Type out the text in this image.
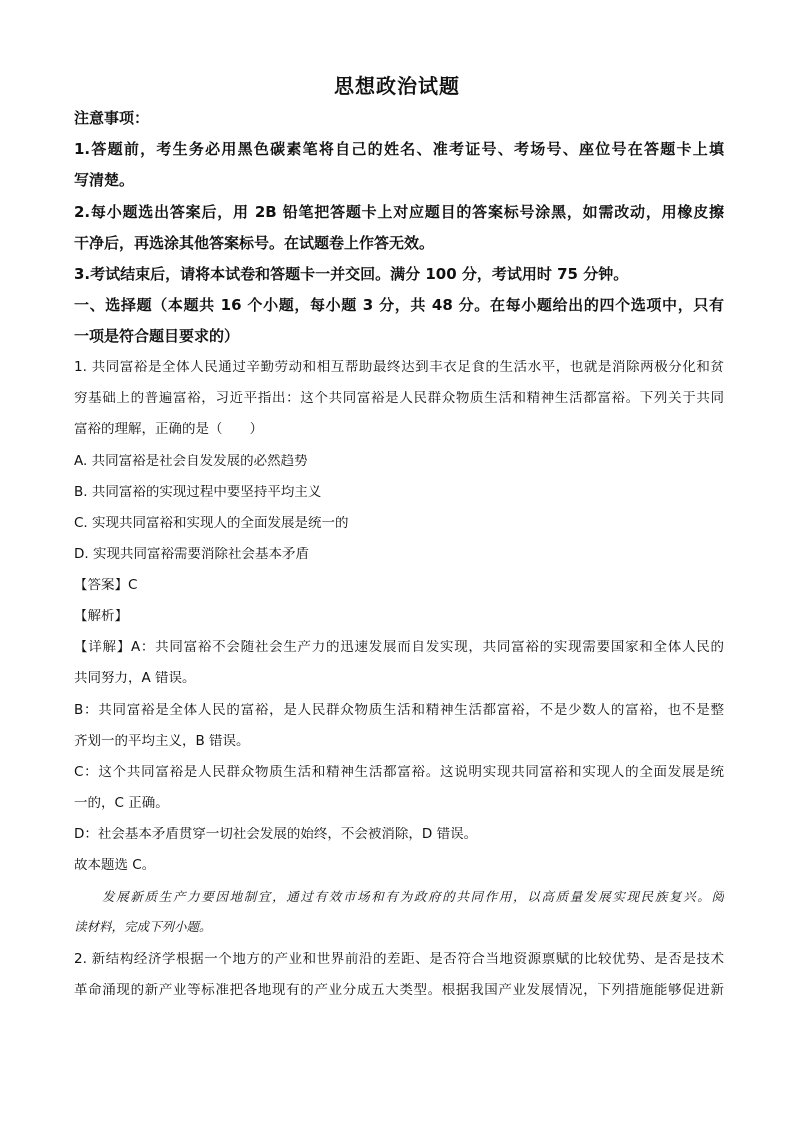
思想政治试题
注意事项：
1.答题前，考生务必用黑色碳素笔将自己的姓名、准考证号、考场号、座位号在答题卡上填
写清楚。
2.每小题选出答案后，用 2B 铅笔把答题卡上对应题目的答案标号涂黑，如需改动，用橡皮擦
干净后，再选涂其他答案标号。在试题卷上作答无效。
3.考试结束后，请将本试卷和答题卡一并交回。满分 100 分，考试用时 75 分钟。
一、选择题（本题共 16 个小题，每小题 3 分，共 48 分。在每小题给出的四个选项中，只有
一项是符合题目要求的）
1. 共同富裕是全体人民通过辛勤劳动和相互帮助最终达到丰衣足食的生活水平，也就是消除两极分化和贫
穷基础上的普遍富裕，习近平指出：这个共同富裕是人民群众物质生活和精神生活都富裕。下列关于共同
富裕的理解，正确的是（　　）
A. 共同富裕是社会自发发展的必然趋势
B. 共同富裕的实现过程中要坚持平均主义
C. 实现共同富裕和实现人的全面发展是统一的
D. 实现共同富裕需要消除社会基本矛盾
【答案】C
【解析】
【详解】A：共同富裕不会随社会生产力的迅速发展而自发实现，共同富裕的实现需要国家和全体人民的
共同努力，A 错误。
B：共同富裕是全体人民的富裕，是人民群众物质生活和精神生活都富裕，不是少数人的富裕，也不是整
齐划一的平均主义，B 错误。
C：这个共同富裕是人民群众物质生活和精神生活都富裕。这说明实现共同富裕和实现人的全面发展是统
一的，C 正确。
D：社会基本矛盾贯穿一切社会发展的始终，不会被消除，D 错误。
故本题选 C。
发展新质生产力要因地制宜，通过有效市场和有为政府的共同作用，以高质量发展实现民族复兴。阅
读材料，完成下列小题。
2. 新结构经济学根据一个地方的产业和世界前沿的差距、是否符合当地资源禀赋的比较优势、是否是技术
革命涌现的新产业等标准把各地现有的产业分成五大类型。根据我国产业发展情况，下列措施能够促进新
